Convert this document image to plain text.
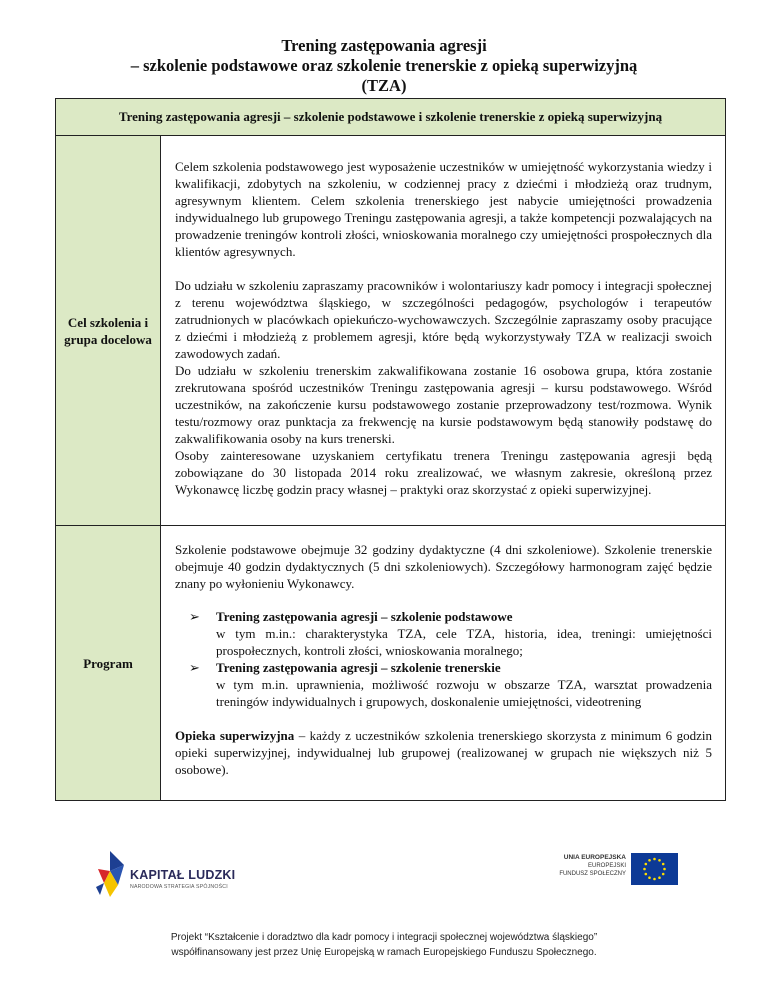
Trening zastępowania agresji
– szkolenie podstawowe oraz szkolenie trenerskie z opieką superwizyjną
(TZA)
Trening zastępowania agresji – szkolenie podstawowe i szkolenie trenerskie z opieką superwizyjną
Cel szkolenia i grupa docelowa

Celem szkolenia podstawowego jest wyposażenie uczestników w umiejętność wykorzystania wiedzy i kwalifikacji, zdobytych na szkoleniu, w codziennej pracy z dziećmi i młodzieżą oraz trudnym, agresywnym klientem. Celem szkolenia trenerskiego jest nabycie umiejętności prowadzenia indywidualnego lub grupowego Treningu zastępowania agresji, a także kompetencji pozwalających na prowadzenie treningów kontroli złości, wnioskowania moralnego czy umiejętności prospołecznych dla klientów agresywnych.

Do udziału w szkoleniu zapraszamy pracowników i wolontariuszy kadr pomocy i integracji społecznej z terenu województwa śląskiego, w szczególności pedagogów, psychologów i terapeutów zatrudnionych w placówkach opiekuńczo-wychowawczych. Szczególnie zapraszamy osoby pracujące z dziećmi i młodzieżą z problemem agresji, które będą wykorzystywały TZA w realizacji swoich zawodowych zadań.

Do udziału w szkoleniu trenerskim zakwalifikowana zostanie 16 osobowa grupa, która zostanie zrekrutowana spośród uczestników Treningu zastępowania agresji – kursu podstawowego. Wśród uczestników, na zakończenie kursu podstawowego zostanie przeprowadzony test/rozmowa. Wynik testu/rozmowy oraz punktacja za frekwencję na kursie podstawowym będą stanowiły podstawę do zakwalifikowania osoby na kurs trenerski.

Osoby zainteresowane uzyskaniem certyfikatu trenera Treningu zastępowania agresji będą zobowiązane do 30 listopada 2014 roku zrealizować, we własnym zakresie, określoną przez Wykonawcę liczbę godzin pracy własnej – praktyki oraz skorzystać z opieki superwizyjnej.

Program

Szkolenie podstawowe obejmuje 32 godziny dydaktyczne (4 dni szkoleniowe). Szkolenie trenerskie obejmuje 40 godzin dydaktycznych (5 dni szkoleniowych). Szczegółowy harmonogram zajęć będzie znany po wyłonieniu Wykonawcy.

➢ Trening zastępowania agresji – szkolenie podstawowe
w tym m.in.: charakterystyka TZA, cele TZA, historia, idea, treningi: umiejętności prospołecznych, kontroli złości, wnioskowania moralnego;
➢ Trening zastępowania agresji – szkolenie trenerskie
w tym m.in. uprawnienia, możliwość rozwoju w obszarze TZA, warsztat prowadzenia treningów indywidualnych i grupowych, doskonalenie umiejętności, videotrening

Opieka superwizyjna – każdy z uczestników szkolenia trenerskiego skorzysta z minimum 6 godzin opieki superwizyjnej, indywidualnej lub grupowej (realizowanej w grupach nie większych niż 5 osobowe).

KAPITAŁ LUDZKI
NARODOWA STRATEGIA SPÓJNOŚCI
UNIA EUROPEJSKA
EUROPEJSKI
FUNDUSZ SPOŁECZNY
Projekt “Kształcenie i doradztwo dla kadr pomocy i integracji społecznej województwa śląskiego”
współfinansowany jest przez Unię Europejską w ramach Europejskiego Funduszu Społecznego.
